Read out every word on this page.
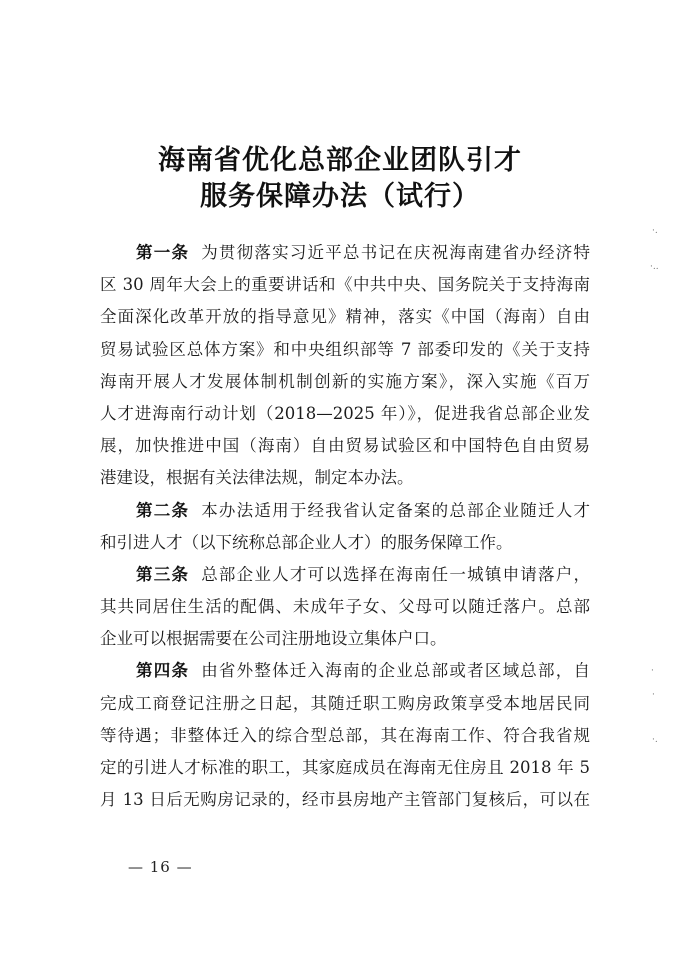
海南省优化总部企业团队引才
服务保障办法（试行）
第一条 为贯彻落实习近平总书记在庆祝海南建省办经济特
区 30 周年大会上的重要讲话和《中共中央、国务院关于支持海南
全面深化改革开放的指导意见》精神，落实《中国（海南）自由
贸易试验区总体方案》和中央组织部等 7 部委印发的《关于支持
海南开展人才发展体制机制创新的实施方案》，深入实施《百万
人才进海南行动计划（2018—2025 年）》，促进我省总部企业发
展，加快推进中国（海南）自由贸易试验区和中国特色自由贸易
港建设，根据有关法律法规，制定本办法。
第二条 本办法适用于经我省认定备案的总部企业随迁人才
和引进人才（以下统称总部企业人才）的服务保障工作。
第三条 总部企业人才可以选择在海南任一城镇申请落户，
其共同居住生活的配偶、未成年子女、父母可以随迁落户。总部
企业可以根据需要在公司注册地设立集体户口。
第四条 由省外整体迁入海南的企业总部或者区域总部，自
完成工商登记注册之日起，其随迁职工购房政策享受本地居民同
等待遇；非整体迁入的综合型总部，其在海南工作、符合我省规
定的引进人才标准的职工，其家庭成员在海南无住房且 2018 年 5
月 13 日后无购房记录的，经市县房地产主管部门复核后，可以在
— 16 —
·.
·..
·
·
·.
